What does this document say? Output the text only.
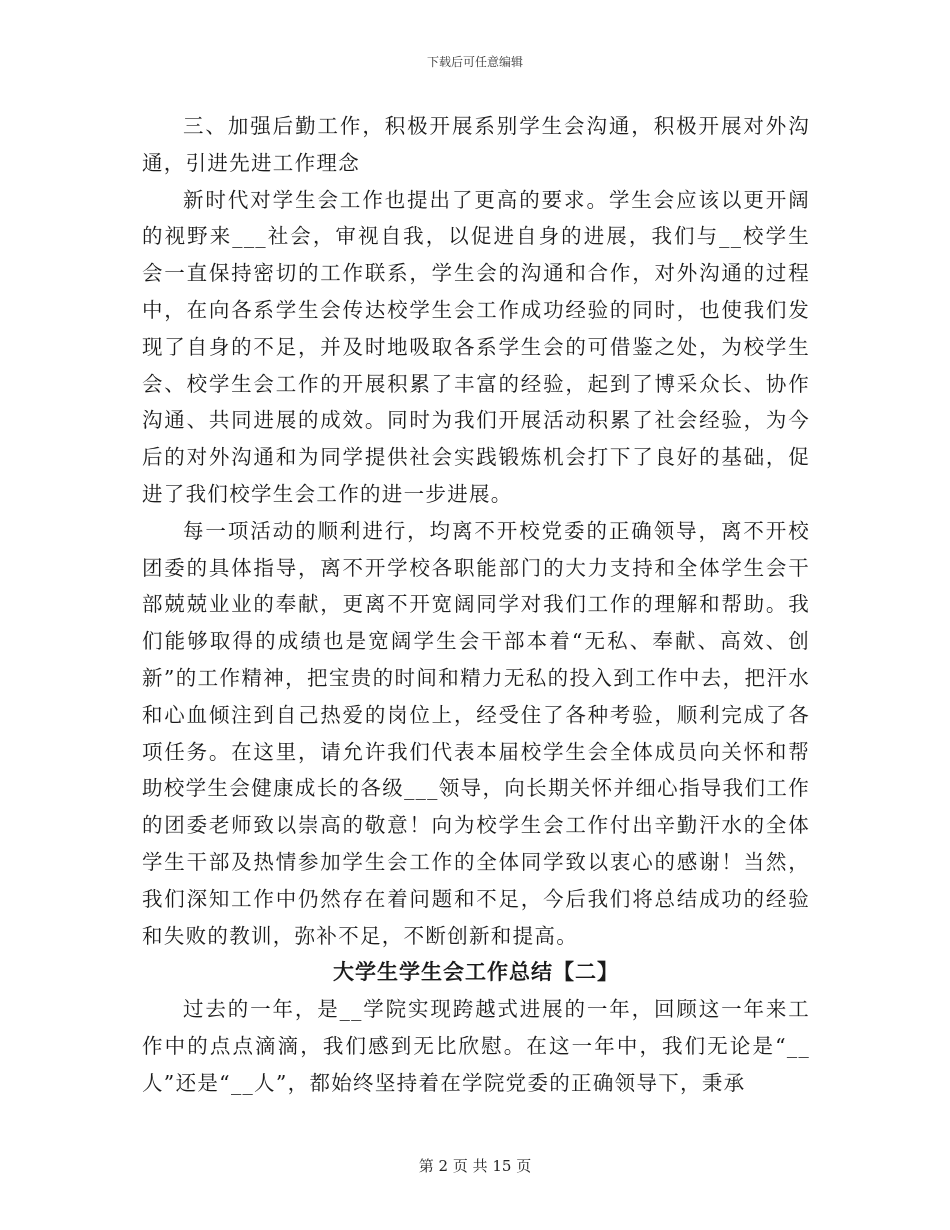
下载后可任意编辑

三、加强后勤工作，积极开展系别学生会沟通，积极开展对外沟通，引进先进工作理念

新时代对学生会工作也提出了更高的要求。学生会应该以更开阔的视野来___社会，审视自我，以促进自身的进展，我们与__校学生会一直保持密切的工作联系，学生会的沟通和合作，对外沟通的过程中，在向各系学生会传达校学生会工作成功经验的同时，也使我们发现了自身的不足，并及时地吸取各系学生会的可借鉴之处，为校学生会、校学生会工作的开展积累了丰富的经验，起到了博采众长、协作沟通、共同进展的成效。同时为我们开展活动积累了社会经验，为今后的对外沟通和为同学提供社会实践锻炼机会打下了良好的基础，促进了我们校学生会工作的进一步进展。

每一项活动的顺利进行，均离不开校党委的正确领导，离不开校团委的具体指导，离不开学校各职能部门的大力支持和全体学生会干部兢兢业业的奉献，更离不开宽阔同学对我们工作的理解和帮助。我们能够取得的成绩也是宽阔学生会干部本着“无私、奉献、高效、创新”的工作精神，把宝贵的时间和精力无私的投入到工作中去，把汗水和心血倾注到自己热爱的岗位上，经受住了各种考验，顺利完成了各项任务。在这里，请允许我们代表本届校学生会全体成员向关怀和帮助校学生会健康成长的各级___领导，向长期关怀并细心指导我们工作的团委老师致以崇高的敬意！向为校学生会工作付出辛勤汗水的全体学生干部及热情参加学生会工作的全体同学致以衷心的感谢！当然，我们深知工作中仍然存在着问题和不足，今后我们将总结成功的经验和失败的教训，弥补不足，不断创新和提高。

大学生学生会工作总结【二】

过去的一年，是__学院实现跨越式进展的一年，回顾这一年来工作中的点点滴滴，我们感到无比欣慰。在这一年中，我们无论是“__人”还是“__人”，都始终坚持着在学院党委的正确领导下，秉承

第 2 页 共 15 页
